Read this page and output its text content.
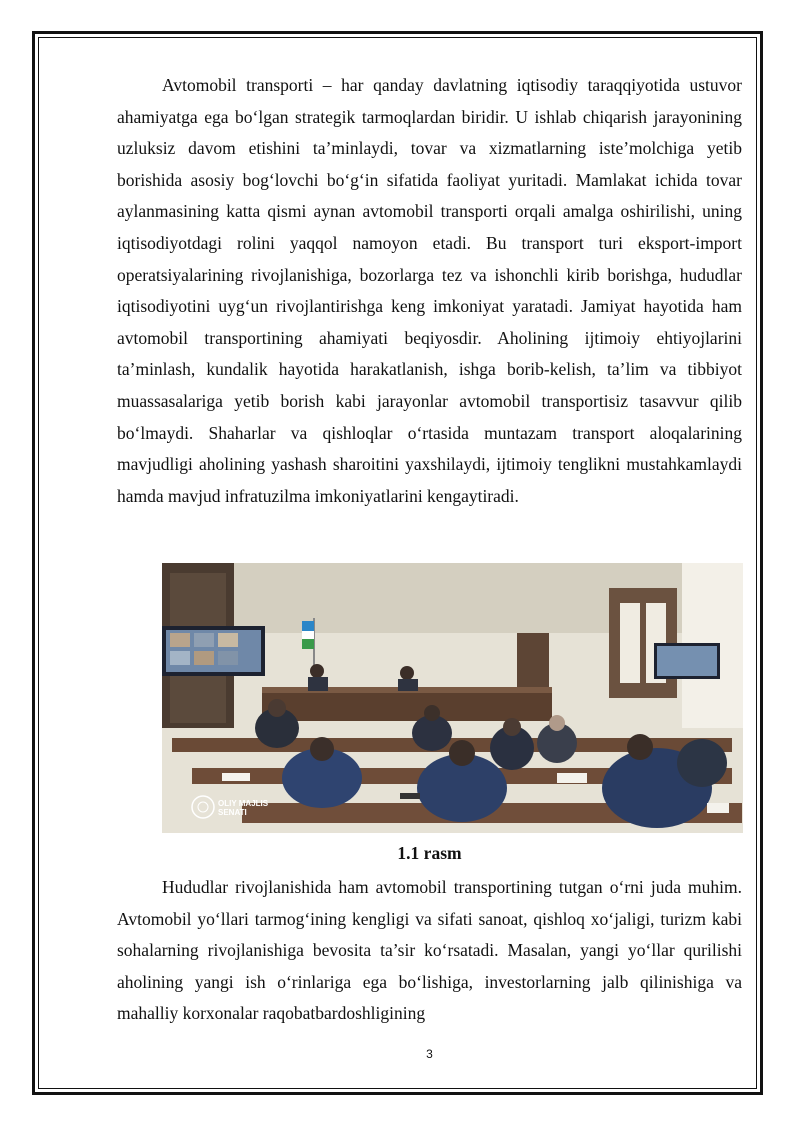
Avtomobil transporti – har qanday davlatning iqtisodiy taraqqiyotida ustuvor ahamiyatga ega bo‘lgan strategik tarmoqlardan biridir. U ishlab chiqarish jarayonining uzluksiz davom etishini ta’minlaydi, tovar va xizmatlarning iste’molchiga yetib borishida asosiy bog‘lovchi bo‘g‘in sifatida faoliyat yuritadi. Mamlakat ichida tovar aylanmasining katta qismi aynan avtomobil transporti orqali amalga oshirilishi, uning iqtisodiyotdagi rolini yaqqol namoyon etadi. Bu transport turi eksport-import operatsiyalarining rivojlanishiga, bozorlarga tez va ishonchli kirib borishga, hududlar iqtisodiyotini uyg‘un rivojlantirishga keng imkoniyat yaratadi. Jamiyat hayotida ham avtomobil transportining ahamiyati beqiyosdir. Aholining ijtimoiy ehtiyojlarini ta’minlash, kundalik hayotida harakatlanish, ishga borib-kelish, ta’lim va tibbiyot muassasalariga yetib borish kabi jarayonlar avtomobil transportisiz tasavvur qilib bo‘lmaydi. Shaharlar va qishloqlar o‘rtasida muntazam transport aloqalarining mavjudligi aholining yashash sharoitini yaxshilaydi, ijtimoiy tenglikni mustahkamlaydi hamda mavjud infratuzilma imkoniyatlarini kengaytiradi.

OLIY MAJLIS
SENATI
1.1 rasm

Hududlar rivojlanishida ham avtomobil transportining tutgan o‘rni juda muhim. Avtomobil yo‘llari tarmog‘ining kengligi va sifati sanoat, qishloq xo‘jaligi, turizm kabi sohalarning rivojlanishiga bevosita ta’sir ko‘rsatadi. Masalan, yangi yo‘llar qurilishi aholining yangi ish o‘rinlariga ega bo‘lishiga, investorlarning jalb qilinishiga va mahalliy korxonalar raqobatbardoshligining

3
